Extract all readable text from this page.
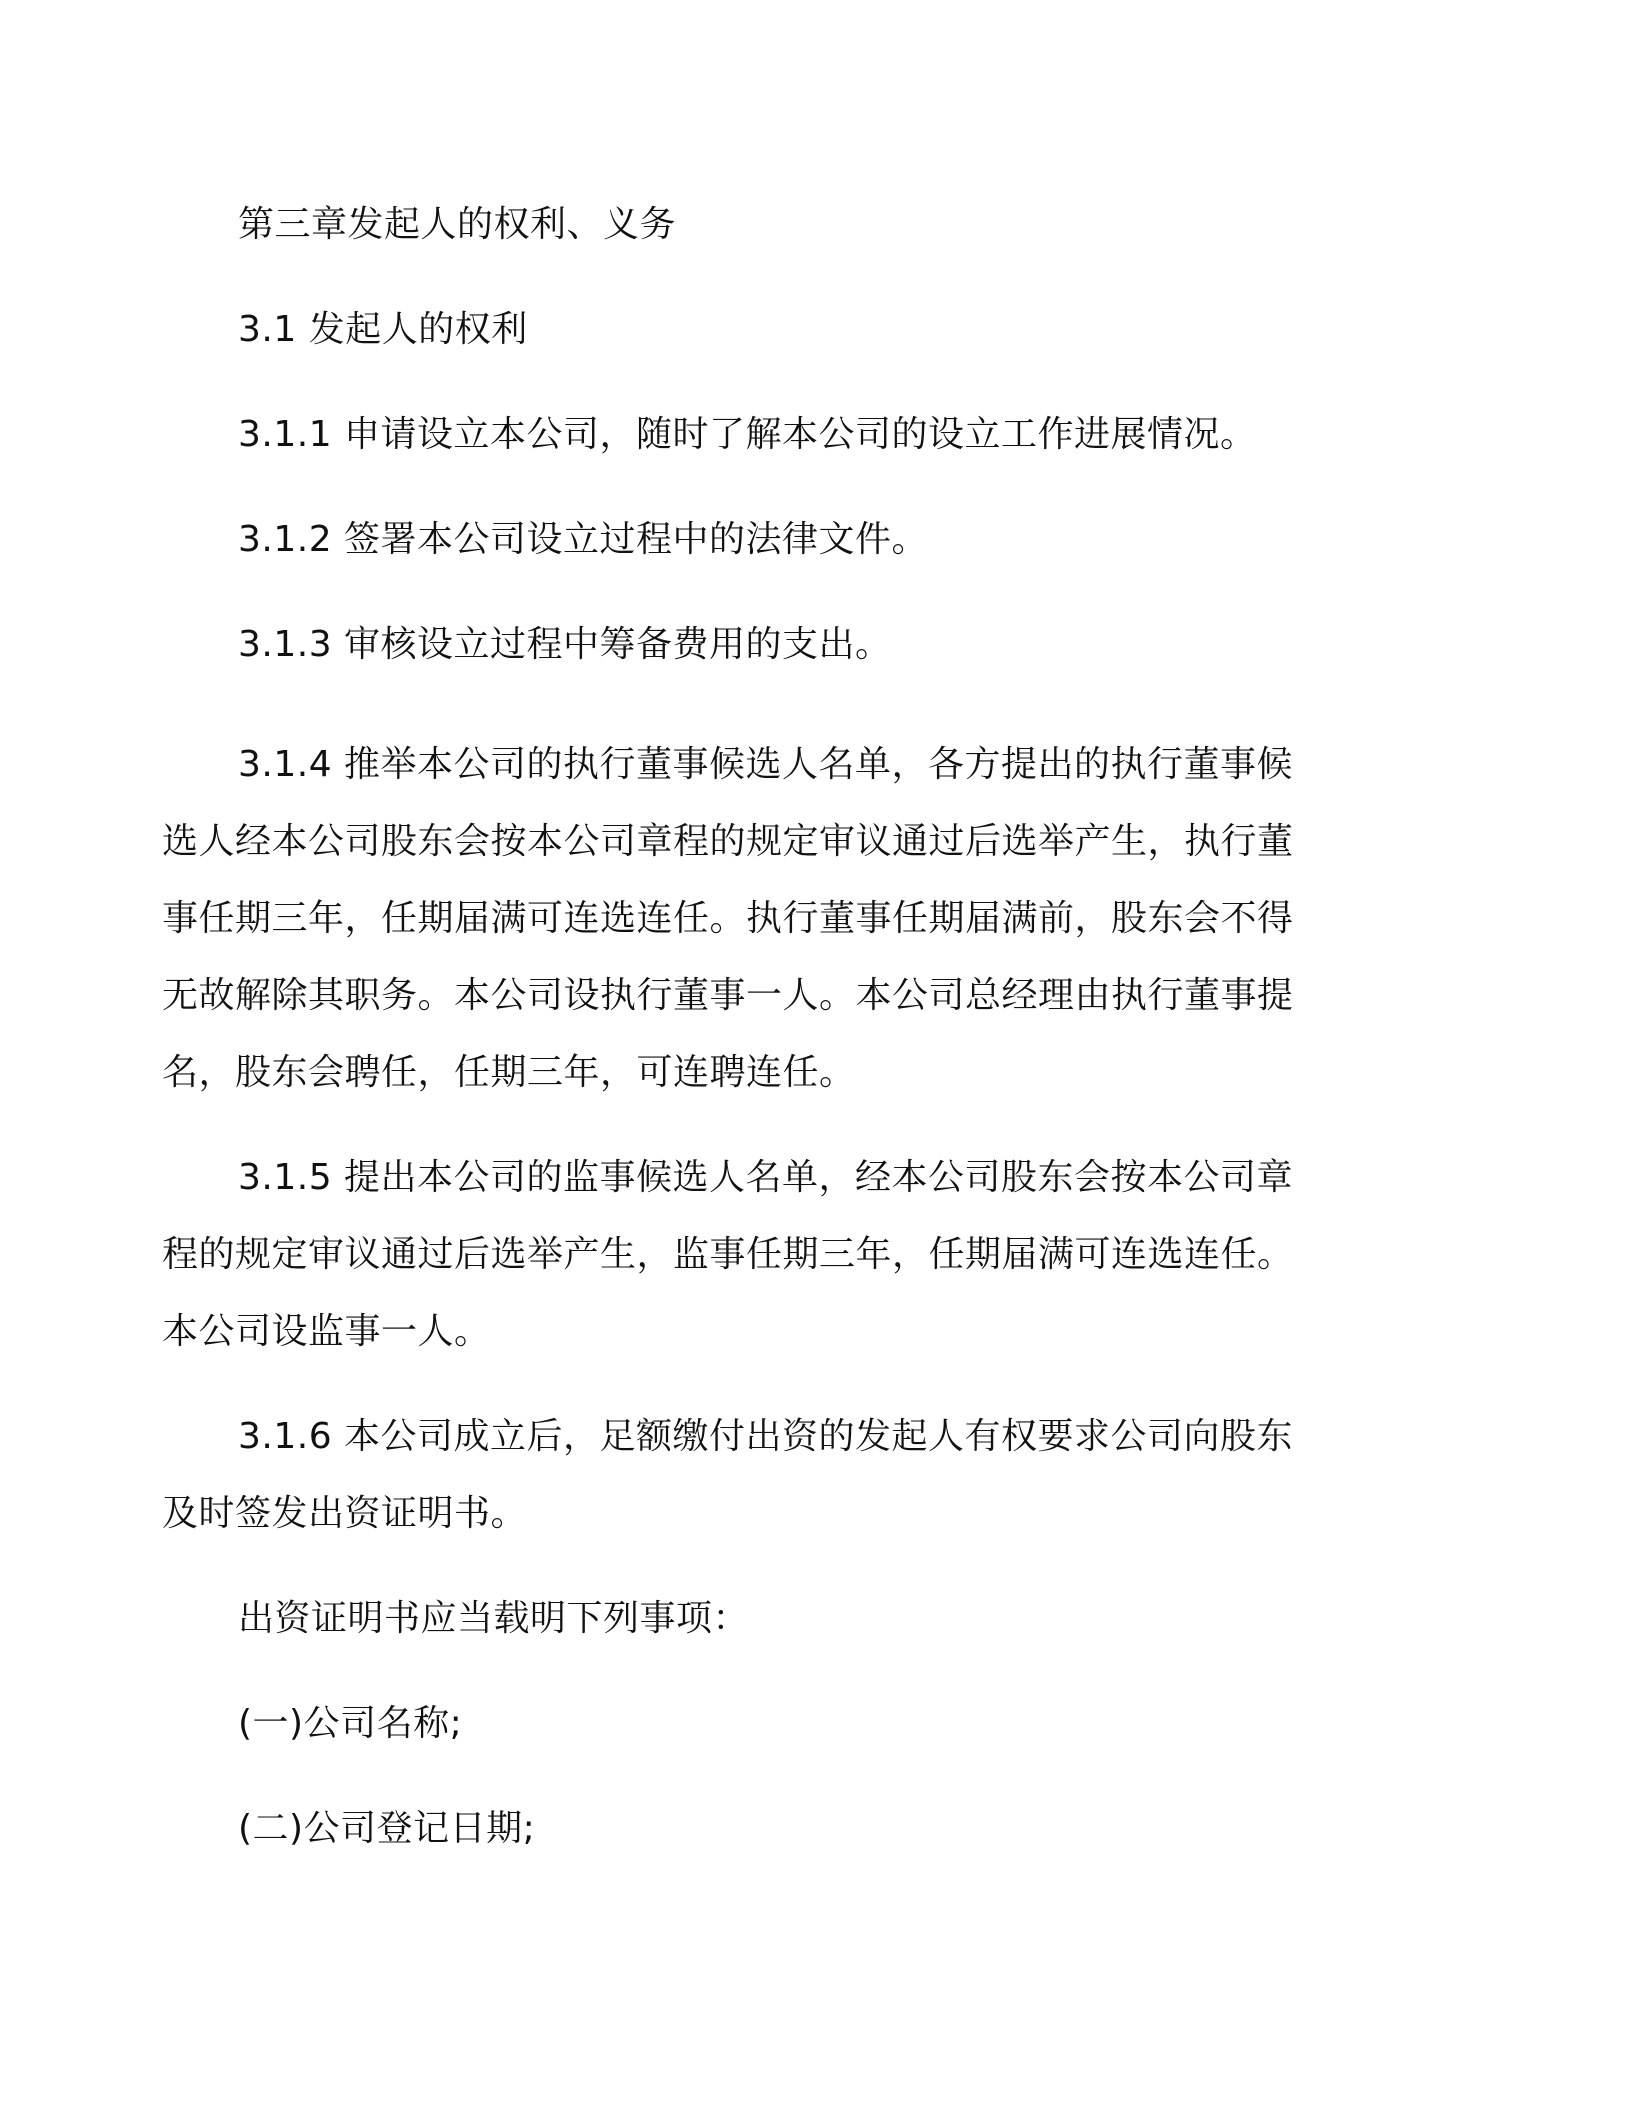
第三章发起人的权利、义务

3.1 发起人的权利

3.1.1 申请设立本公司，随时了解本公司的设立工作进展情况。

3.1.2 签署本公司设立过程中的法律文件。

3.1.3 审核设立过程中筹备费用的支出。

3.1.4 推举本公司的执行董事候选人名单，各方提出的执行董事候选人经本公司股东会按本公司章程的规定审议通过后选举产生，执行董事任期三年，任期届满可连选连任。执行董事任期届满前，股东会不得无故解除其职务。本公司设执行董事一人。本公司总经理由执行董事提名，股东会聘任，任期三年，可连聘连任。

3.1.5 提出本公司的监事候选人名单，经本公司股东会按本公司章程的规定审议通过后选举产生，监事任期三年，任期届满可连选连任。本公司设监事一人。

3.1.6 本公司成立后，足额缴付出资的发起人有权要求公司向股东及时签发出资证明书。

出资证明书应当载明下列事项：

(一)公司名称;

(二)公司登记日期;
